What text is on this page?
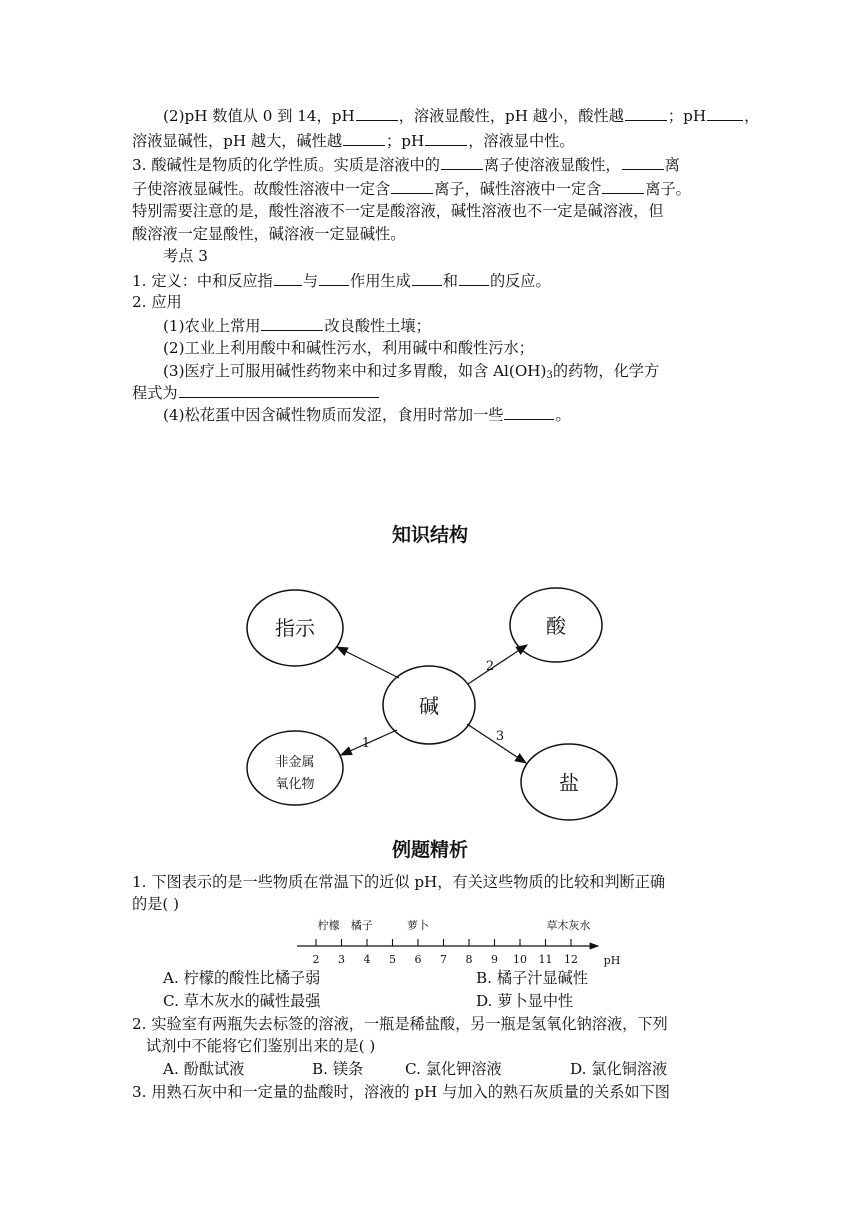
(2)pH 数值从 0 到 14，pH	，溶液显酸性，pH 越小，酸性越	；pH	，
溶液显碱性，pH 越大，碱性越	；pH	，溶液显中性。
3. 酸碱性是物质的化学性质。实质是溶液中的	离子使溶液显酸性，	离
子使溶液显碱性。故酸性溶液中一定含	离子，碱性溶液中一定含	离子。
特别需要注意的是，酸性溶液不一定是酸溶液，碱性溶液也不一定是碱溶液，但
酸溶液一定显酸性，碱溶液一定显碱性。
考点 3
1. 定义：中和反应指 与 作用生成 和 的反应。
2. 应用
(1)农业上常用	改良酸性土壤；
(2)工业上利用酸中和碱性污水，利用碱中和酸性污水；
(3)医疗上可服用碱性药物来中和过多胃酸，如含 $Al(OH)_3$的药物，化学方
程式为
(4)松花蛋中因含碱性物质而发涩，食用时常加一些	。
知识结构
碱
指示	酸
非金属
氧化物	盐
1
2
3
例题精析
1. 下图表示的是一些物质在常温下的近似 pH，有关这些物质的比较和判断正确
的是( )
柠檬 橘子	萝卜	草木灰水
2 3 4 5 6 7 8 9 10 11 12 pH
A. 柠檬的酸性比橘子弱	B. 橘子汁显碱性
C. 草木灰水的碱性最强	D. 萝卜显中性
2. 实验室有两瓶失去标签的溶液，一瓶是稀盐酸，另一瓶是氢氧化钠溶液，下列
试剂中不能将它们鉴别出来的是( )
A. 酚酞试液	B. 镁条	C. 氯化钾溶液	D. 氯化铜溶液
3. 用熟石灰中和一定量的盐酸时，溶液的 pH 与加入的熟石灰质量的关系如下图
